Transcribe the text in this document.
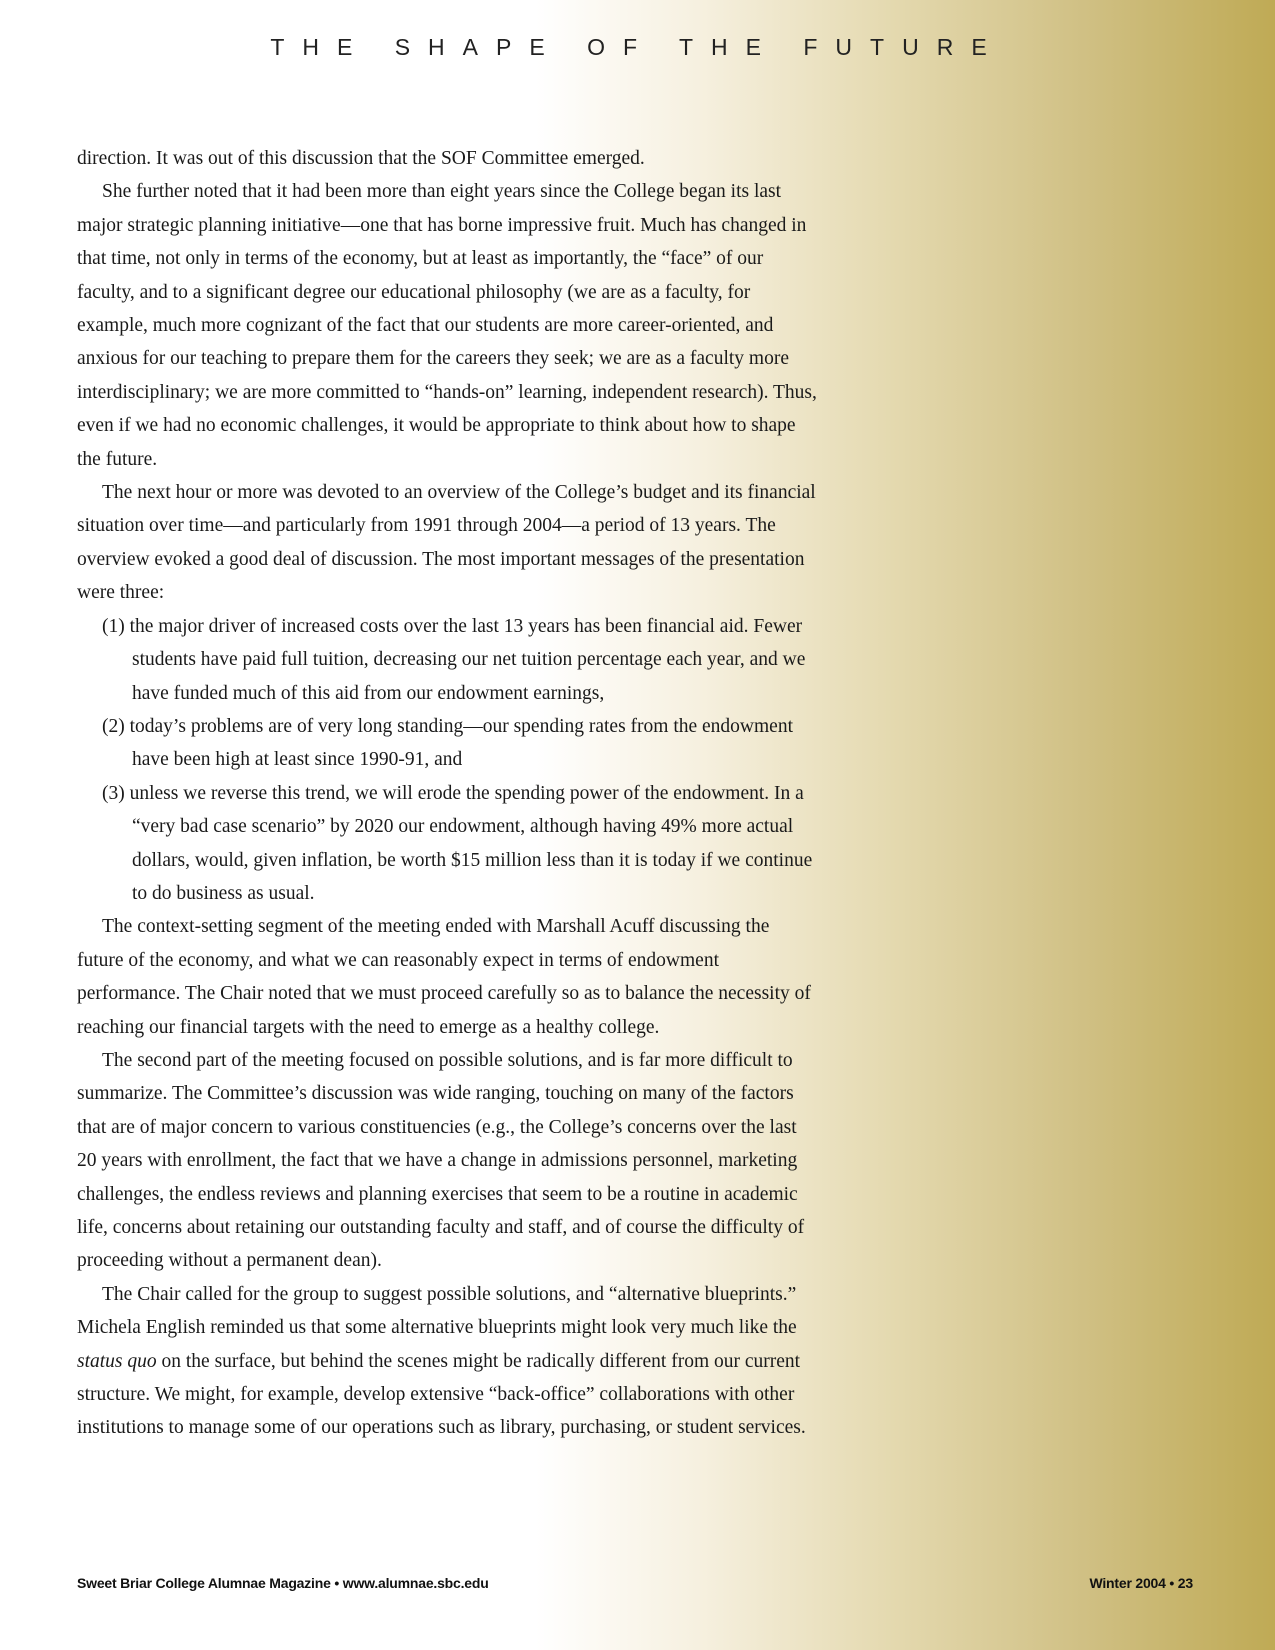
THE SHAPE OF THE FUTURE

direction. It was out of this discussion that the SOF Committee emerged.

She further noted that it had been more than eight years since the College began its last major strategic planning initiative—one that has borne impressive fruit. Much has changed in that time, not only in terms of the economy, but at least as importantly, the “face” of our faculty, and to a significant degree our educational philosophy (we are as a faculty, for example, much more cognizant of the fact that our students are more career-oriented, and anxious for our teaching to prepare them for the careers they seek; we are as a faculty more interdisciplinary; we are more committed to “hands-on” learning, independent research). Thus, even if we had no economic challenges, it would be appropriate to think about how to shape the future.

The next hour or more was devoted to an overview of the College’s budget and its financial situation over time—and particularly from 1991 through 2004—a period of 13 years. The overview evoked a good deal of discussion. The most important messages of the presentation were three:

(1) the major driver of increased costs over the last 13 years has been financial aid. Fewer students have paid full tuition, decreasing our net tuition percentage each year, and we have funded much of this aid from our endowment earnings,

(2) today’s problems are of very long standing—our spending rates from the endowment have been high at least since 1990-91, and

(3) unless we reverse this trend, we will erode the spending power of the endowment. In a “very bad case scenario” by 2020 our endowment, although having 49% more actual dollars, would, given inflation, be worth $15 million less than it is today if we continue to do business as usual.

The context-setting segment of the meeting ended with Marshall Acuff discussing the future of the economy, and what we can reasonably expect in terms of endowment performance. The Chair noted that we must proceed carefully so as to balance the necessity of reaching our financial targets with the need to emerge as a healthy college.

The second part of the meeting focused on possible solutions, and is far more difficult to summarize. The Committee’s discussion was wide ranging, touching on many of the factors that are of major concern to various constituencies (e.g., the College’s concerns over the last 20 years with enrollment, the fact that we have a change in admissions personnel, marketing challenges, the endless reviews and planning exercises that seem to be a routine in academic life, concerns about retaining our outstanding faculty and staff, and of course the difficulty of proceeding without a permanent dean).

The Chair called for the group to suggest possible solutions, and “alternative blueprints.” Michela English reminded us that some alternative blueprints might look very much like the status quo on the surface, but behind the scenes might be radically different from our current structure. We might, for example, develop extensive “back-office” collaborations with other institutions to manage some of our operations such as library, purchasing, or student services.

Sweet Briar College Alumnae Magazine • www.alumnae.sbc.edu	Winter 2004 • 23
